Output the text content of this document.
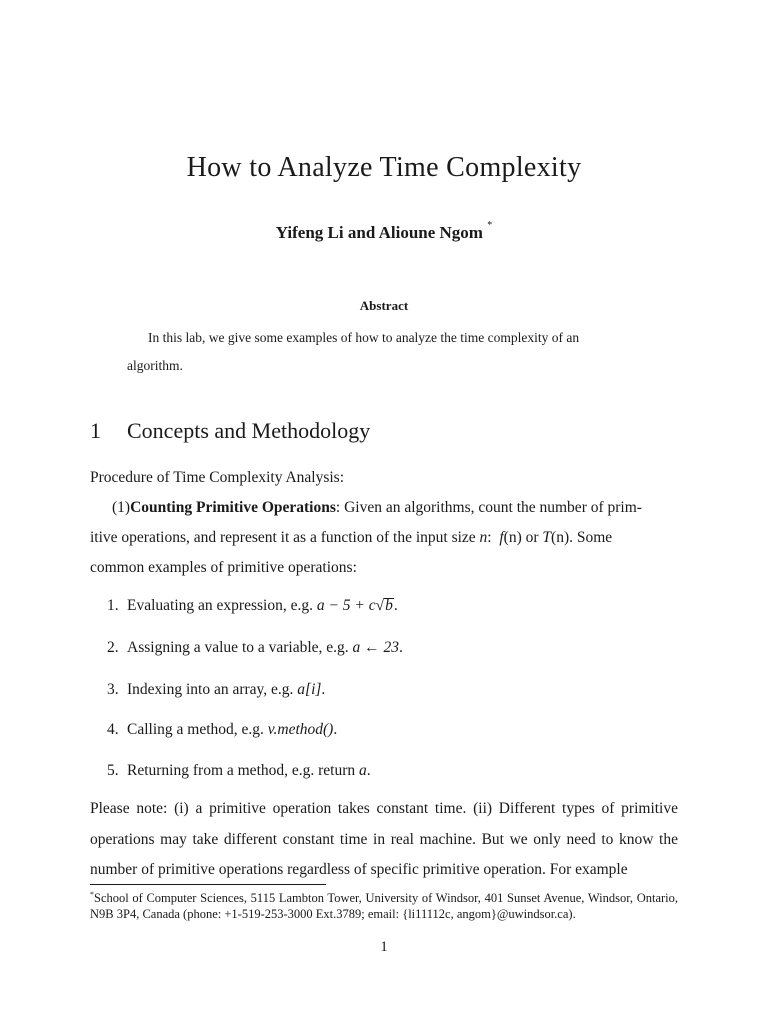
How to Analyze Time Complexity
Yifeng Li and Alioune Ngom *
Abstract
In this lab, we give some examples of how to analyze the time complexity of an
algorithm.
1 Concepts and Methodology
Procedure of Time Complexity Analysis:
(1)Counting Primitive Operations: Given an algorithms, count the number of prim-
itive operations, and represent it as a function of the input size n:  f(n) or T(n). Some
common examples of primitive operations:
1. Evaluating an expression, e.g. a − 5 + c√b.
2. Assigning a value to a variable, e.g. a ← 23.
3. Indexing into an array, e.g. a[i].
4. Calling a method, e.g. v.method().
5. Returning from a method, e.g. return a.
Please note: (i) a primitive operation takes constant time. (ii) Different types of primitive
operations may take different constant time in real machine. But we only need to know the
number of primitive operations regardless of specific primitive operation. For example
*School of Computer Sciences, 5115 Lambton Tower, University of Windsor, 401 Sunset Avenue, Windsor, Ontario, N9B 3P4, Canada (phone: +1-519-253-3000 Ext.3789; email: {li11112c, angom}@uwindsor.ca).
1
